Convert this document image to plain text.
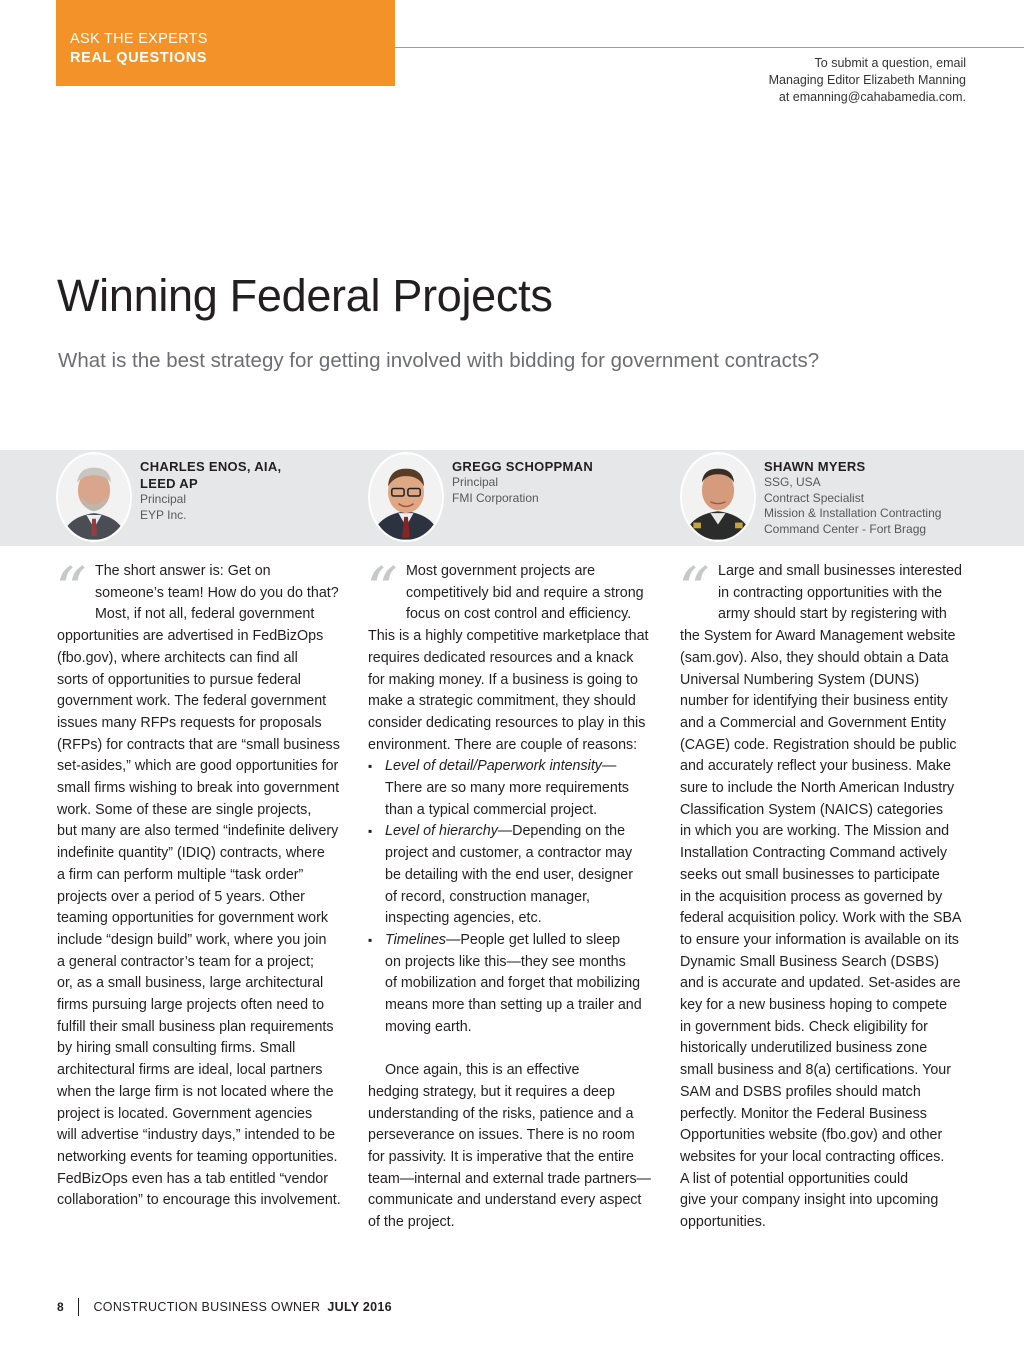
ASK THE EXPERTS
REAL QUESTIONS	To submit a question, email
Managing Editor Elizabeth Manning
at emanning@cahabamedia.com.
Winning Federal Projects
What is the best strategy for getting involved with bidding for government contracts?
CHARLES ENOS, AIA,
LEED AP
Principal
EYP Inc.
GREGG SCHOPPMAN
Principal
FMI Corporation
SHAWN MYERS
SSG, USA
Contract Specialist
Mission & Installation Contracting
Command Center - Fort Bragg
“ The short answer is: Get on

someone’s team! How do you do that?

Most, if not all, federal government

opportunities are advertised in FedBizOps

(fbo.gov), where architects can find all

sorts of opportunities to pursue federal

government work. The federal government

issues many RFPs requests for proposals

(RFPs) for contracts that are “small business

set-asides,” which are good opportunities for

small firms wishing to break into government

work. Some of these are single projects,

but many are also termed “indefinite delivery

indefinite quantity” (IDIQ) contracts, where

a firm can perform multiple “task order”

projects over a period of 5 years. Other

teaming opportunities for government work

include “design build” work, where you join

a general contractor’s team for a project;

or, as a small business, large architectural

firms pursuing large projects often need to

fulfill their small business plan requirements

by hiring small consulting firms. Small

architectural firms are ideal, local partners

when the large firm is not located where the

project is located. Government agencies

will advertise “industry days,” intended to be

networking events for teaming opportunities.

FedBizOps even has a tab entitled “vendor

collaboration” to encourage this involvement.

“ Most government projects are

competitively bid and require a strong

focus on cost control and efficiency.

This is a highly competitive marketplace that

requires dedicated resources and a knack

for making money. If a business is going to

make a strategic commitment, they should

consider dedicating resources to play in this

environment. There are couple of reasons:

▪ Level of detail/Paperwork intensity—
There are so many more requirements
than a typical commercial project.
▪ Level of hierarchy—Depending on the
project and customer, a contractor may
be detailing with the end user, designer
of record, construction manager,
inspecting agencies, etc.
▪ Timelines—People get lulled to sleep
on projects like this—they see months
of mobilization and forget that mobilizing
means more than setting up a trailer and
moving earth.

Once again, this is an effective

hedging strategy, but it requires a deep

understanding of the risks, patience and a

perseverance on issues. There is no room

for passivity. It is imperative that the entire

team—internal and external trade partners—

communicate and understand every aspect

of the project.

“ Large and small businesses interested

in contracting opportunities with the

army should start by registering with

the System for Award Management website

(sam.gov). Also, they should obtain a Data

Universal Numbering System (DUNS)

number for identifying their business entity

and a Commercial and Government Entity

(CAGE) code. Registration should be public

and accurately reflect your business. Make

sure to include the North American Industry

Classification System (NAICS) categories

in which you are working. The Mission and

Installation Contracting Command actively

seeks out small businesses to participate

in the acquisition process as governed by

federal acquisition policy. Work with the SBA

to ensure your information is available on its

Dynamic Small Business Search (DSBS)

and is accurate and updated. Set-asides are

key for a new business hoping to compete

in government bids. Check eligibility for

historically underutilized business zone

small business and 8(a) certifications. Your

SAM and DSBS profiles should match

perfectly. Monitor the Federal Business

Opportunities website (fbo.gov) and other

websites for your local contracting offices.

A list of potential opportunities could

give your company insight into upcoming

opportunities.

8 CONSTRUCTION BUSINESS OWNER JULY 2016
